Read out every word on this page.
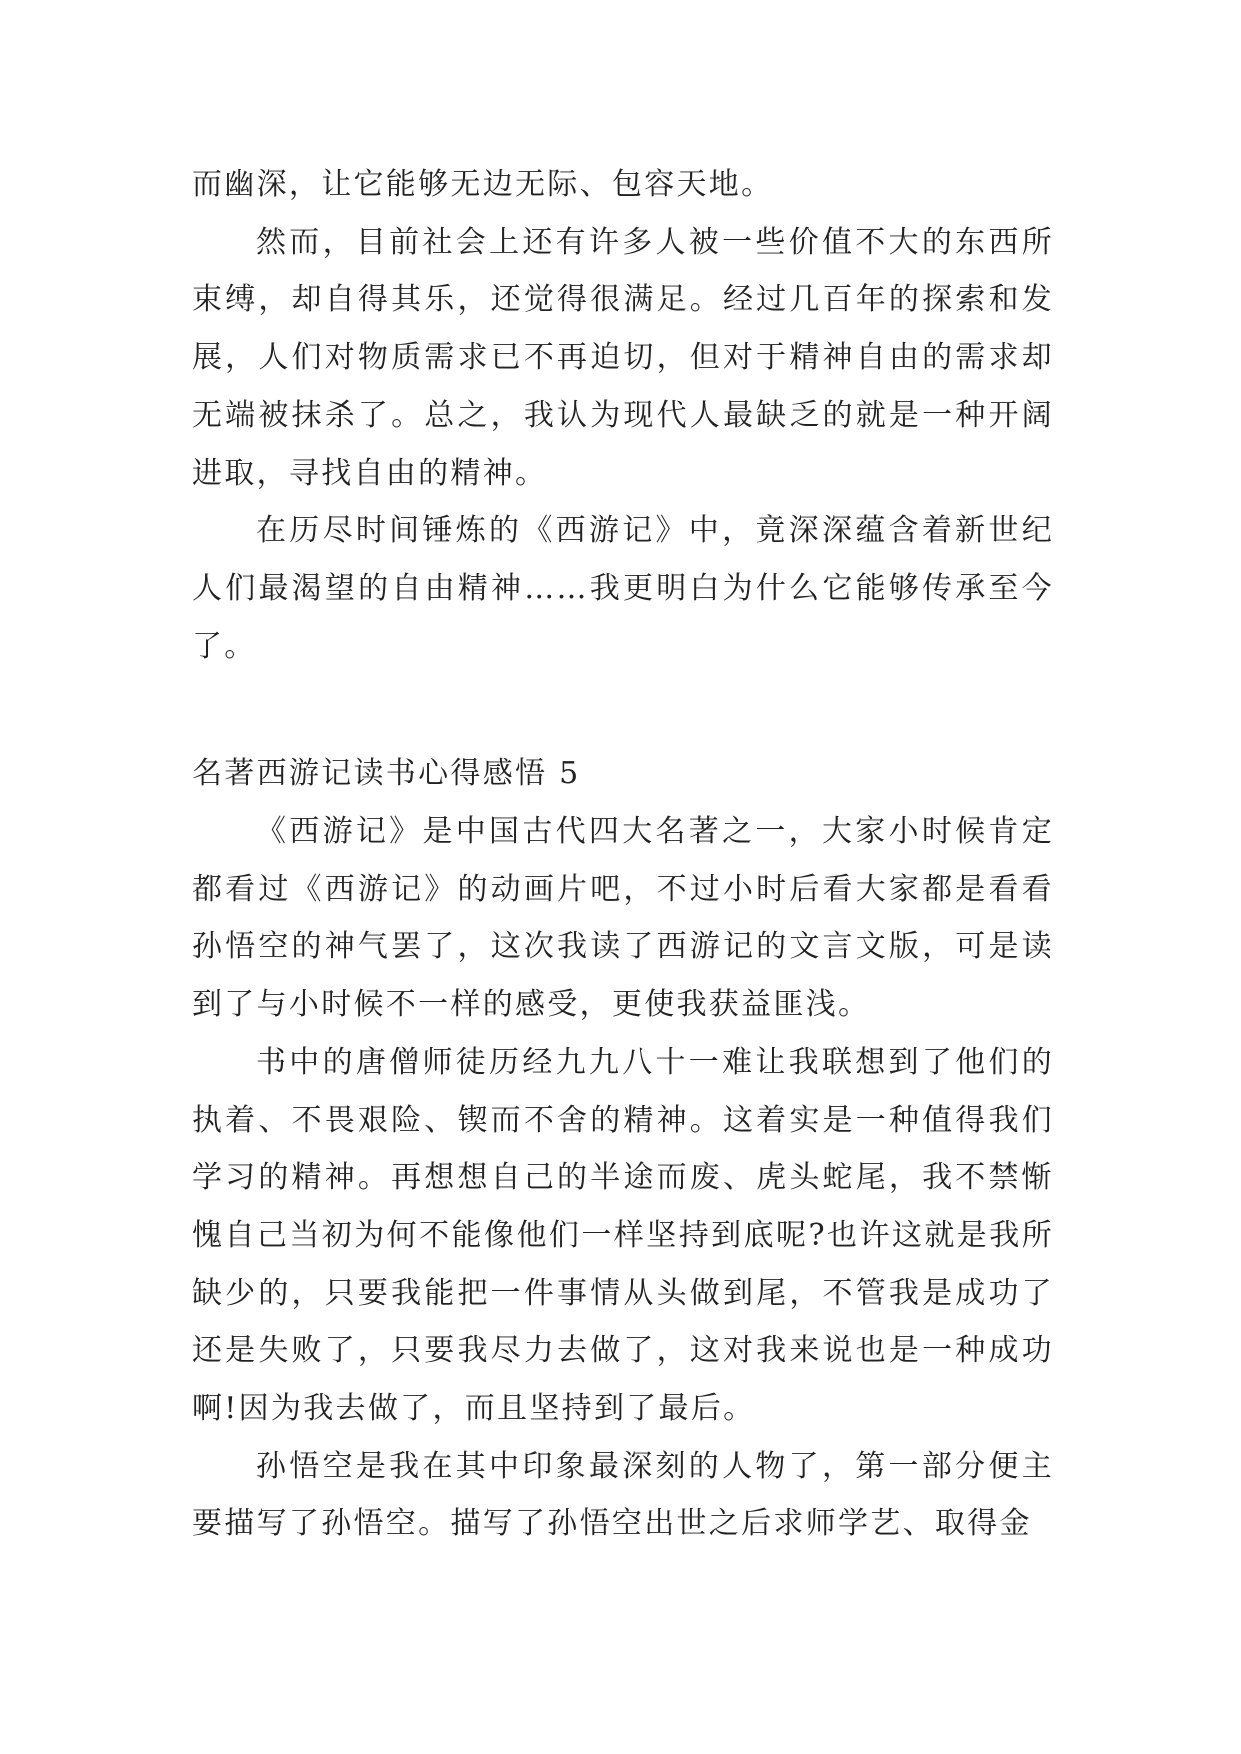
而幽深，让它能够无边无际、包容天地。

然而，目前社会上还有许多人被一些价值不大的东西所束缚，却自得其乐，还觉得很满足。经过几百年的探索和发展，人们对物质需求已不再迫切，但对于精神自由的需求却无端被抹杀了。总之，我认为现代人最缺乏的就是一种开阔进取，寻找自由的精神。

在历尽时间锤炼的《西游记》中，竟深深蕴含着新世纪人们最渴望的自由精神……我更明白为什么它能够传承至今了。

名著西游记读书心得感悟 5

《西游记》是中国古代四大名著之一，大家小时候肯定都看过《西游记》的动画片吧，不过小时后看大家都是看看孙悟空的神气罢了，这次我读了西游记的文言文版，可是读到了与小时候不一样的感受，更使我获益匪浅。

书中的唐僧师徒历经九九八十一难让我联想到了他们的执着、不畏艰险、锲而不舍的精神。这着实是一种值得我们学习的精神。再想想自己的半途而废、虎头蛇尾，我不禁惭愧自己当初为何不能像他们一样坚持到底呢?也许这就是我所缺少的，只要我能把一件事情从头做到尾，不管我是成功了还是失败了，只要我尽力去做了，这对我来说也是一种成功啊!因为我去做了，而且坚持到了最后。

孙悟空是我在其中印象最深刻的人物了，第一部分便主要描写了孙悟空。描写了孙悟空出世之后求师学艺、取得金
